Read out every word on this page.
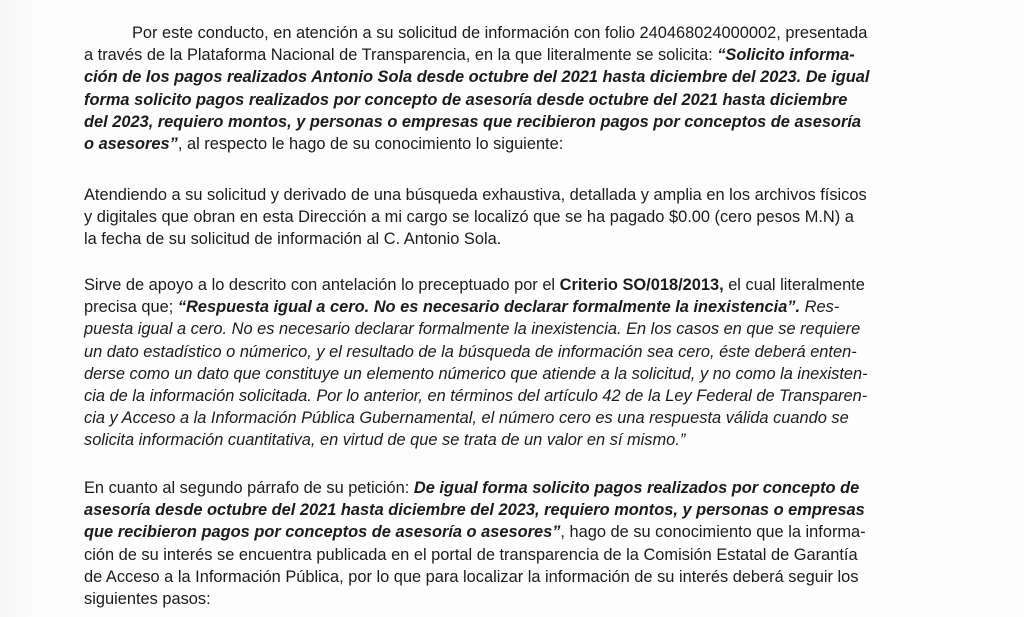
Por este conducto, en atención a su solicitud de información con folio 240468024000002, presentada
a través de la Plataforma Nacional de Transparencia, en la que literalmente se solicita: “Solicito informa-
ción de los pagos realizados Antonio Sola desde octubre del 2021 hasta diciembre del 2023. De igual
forma solicito pagos realizados por concepto de asesoría desde octubre del 2021 hasta diciembre
del 2023, requiero montos, y personas o empresas que recibieron pagos por conceptos de asesoría
o asesores”, al respecto le hago de su conocimiento lo siguiente:
Atendiendo a su solicitud y derivado de una búsqueda exhaustiva, detallada y amplia en los archivos físicos
y digitales que obran en esta Dirección a mi cargo se localizó que se ha pagado $0.00 (cero pesos M.N) a
la fecha de su solicitud de información al C. Antonio Sola.
Sirve de apoyo a lo descrito con antelación lo preceptuado por el Criterio SO/018/2013, el cual literalmente
precisa que; “Respuesta igual a cero. No es necesario declarar formalmente la inexistencia”. Res-
puesta igual a cero. No es necesario declarar formalmente la inexistencia. En los casos en que se requiere
un dato estadístico o númerico, y el resultado de la búsqueda de información sea cero, éste deberá enten-
derse como un dato que constituye un elemento númerico que atiende a la solicitud, y no como la inexisten-
cia de la información solicitada. Por lo anterior, en términos del artículo 42 de la Ley Federal de Transparen-
cia y Acceso a la Información Pública Gubernamental, el número cero es una respuesta válida cuando se
solicita información cuantitativa, en virtud de que se trata de un valor en sí mismo.”
En cuanto al segundo párrafo de su petición: De igual forma solicito pagos realizados por concepto de
asesoría desde octubre del 2021 hasta diciembre del 2023, requiero montos, y personas o empresas
que recibieron pagos por conceptos de asesoría o asesores”, hago de su conocimiento que la informa-
ción de su interés se encuentra publicada en el portal de transparencia de la Comisión Estatal de Garantía
de Acceso a la Información Pública, por lo que para localizar la información de su interés deberá seguir los
siguientes pasos:
